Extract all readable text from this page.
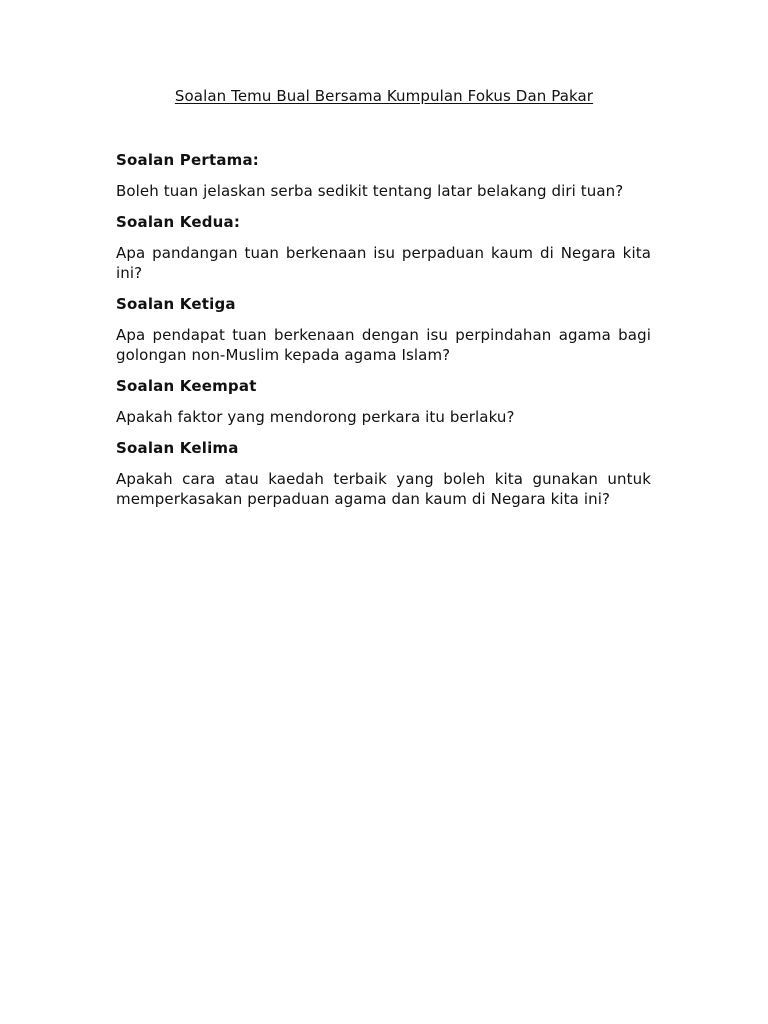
Soalan Temu Bual Bersama Kumpulan Fokus Dan Pakar
Soalan Pertama:
Boleh tuan jelaskan serba sedikit tentang latar belakang diri tuan?
Soalan Kedua:
Apa pandangan tuan berkenaan isu perpaduan kaum di Negara kita ini?
Soalan Ketiga
Apa pendapat tuan berkenaan dengan isu perpindahan agama bagi golongan non-Muslim kepada agama Islam?
Soalan Keempat
Apakah faktor yang mendorong perkara itu berlaku?
Soalan Kelima
Apakah cara atau kaedah terbaik yang boleh kita gunakan untuk memperkasakan perpaduan agama dan kaum di Negara kita ini?
